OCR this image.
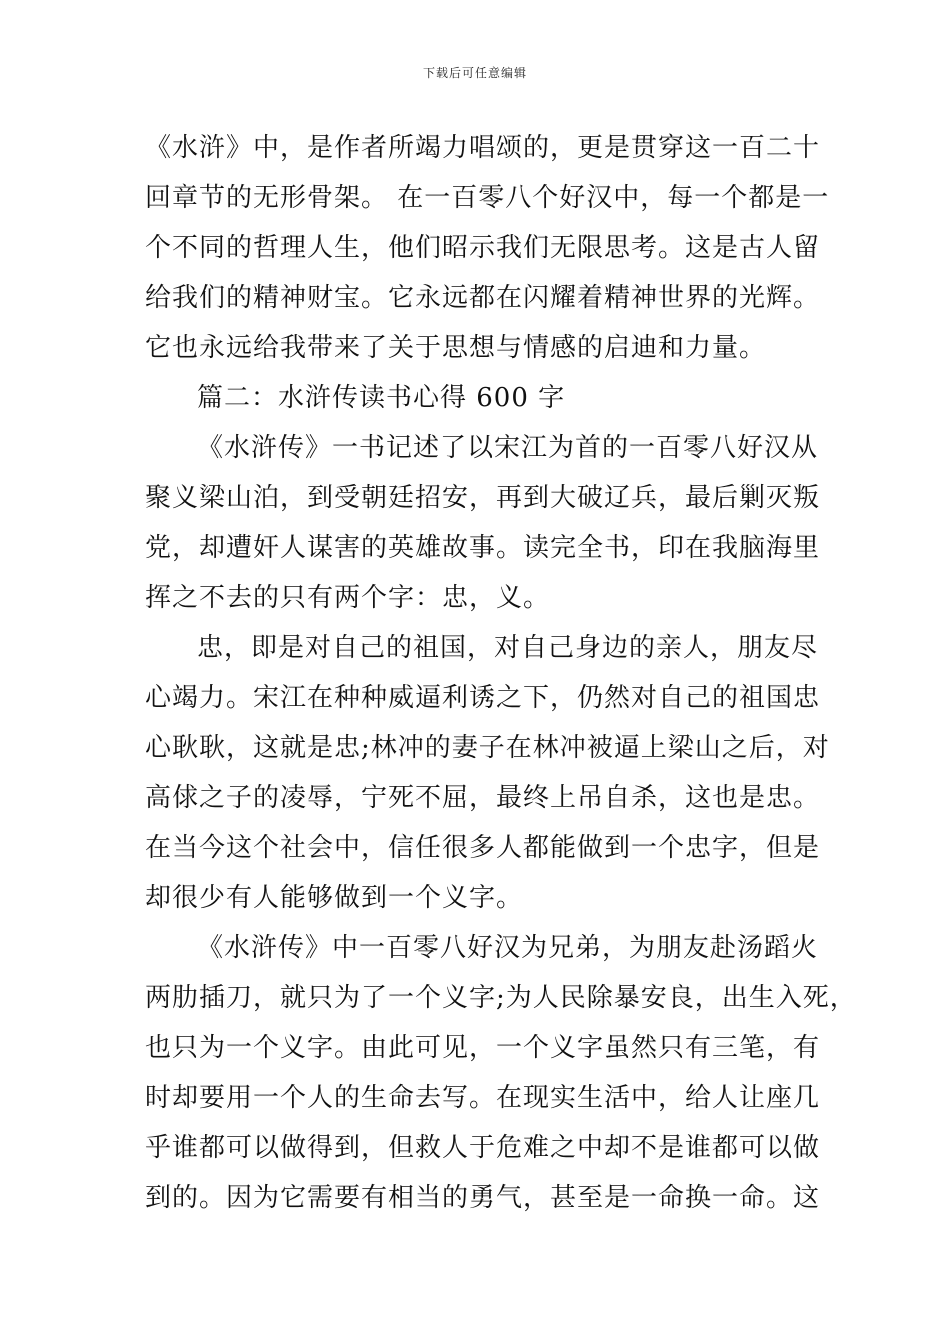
下载后可任意编辑
《水浒》中，是作者所竭力唱颂的，更是贯穿这一百二十
回章节的无形骨架。 在一百零八个好汉中，每一个都是一
个不同的哲理人生，他们昭示我们无限思考。这是古人留
给我们的精神财宝。它永远都在闪耀着精神世界的光辉。
它也永远给我带来了关于思想与情感的启迪和力量。
篇二：水浒传读书心得 600 字
《水浒传》一书记述了以宋江为首的一百零八好汉从
聚义梁山泊，到受朝廷招安，再到大破辽兵，最后剿灭叛
党，却遭奸人谋害的英雄故事。读完全书，印在我脑海里
挥之不去的只有两个字：忠，义。
忠，即是对自己的祖国，对自己身边的亲人，朋友尽
心竭力。宋江在种种威逼利诱之下，仍然对自己的祖国忠
心耿耿，这就是忠;林冲的妻子在林冲被逼上梁山之后，对
高俅之子的凌辱，宁死不屈，最终上吊自杀，这也是忠。
在当今这个社会中，信任很多人都能做到一个忠字，但是
却很少有人能够做到一个义字。
《水浒传》中一百零八好汉为兄弟，为朋友赴汤蹈火
两肋插刀，就只为了一个义字;为人民除暴安良，出生入死，
也只为一个义字。由此可见，一个义字虽然只有三笔，有
时却要用一个人的生命去写。在现实生活中，给人让座几
乎谁都可以做得到，但救人于危难之中却不是谁都可以做
到的。因为它需要有相当的勇气，甚至是一命换一命。这
